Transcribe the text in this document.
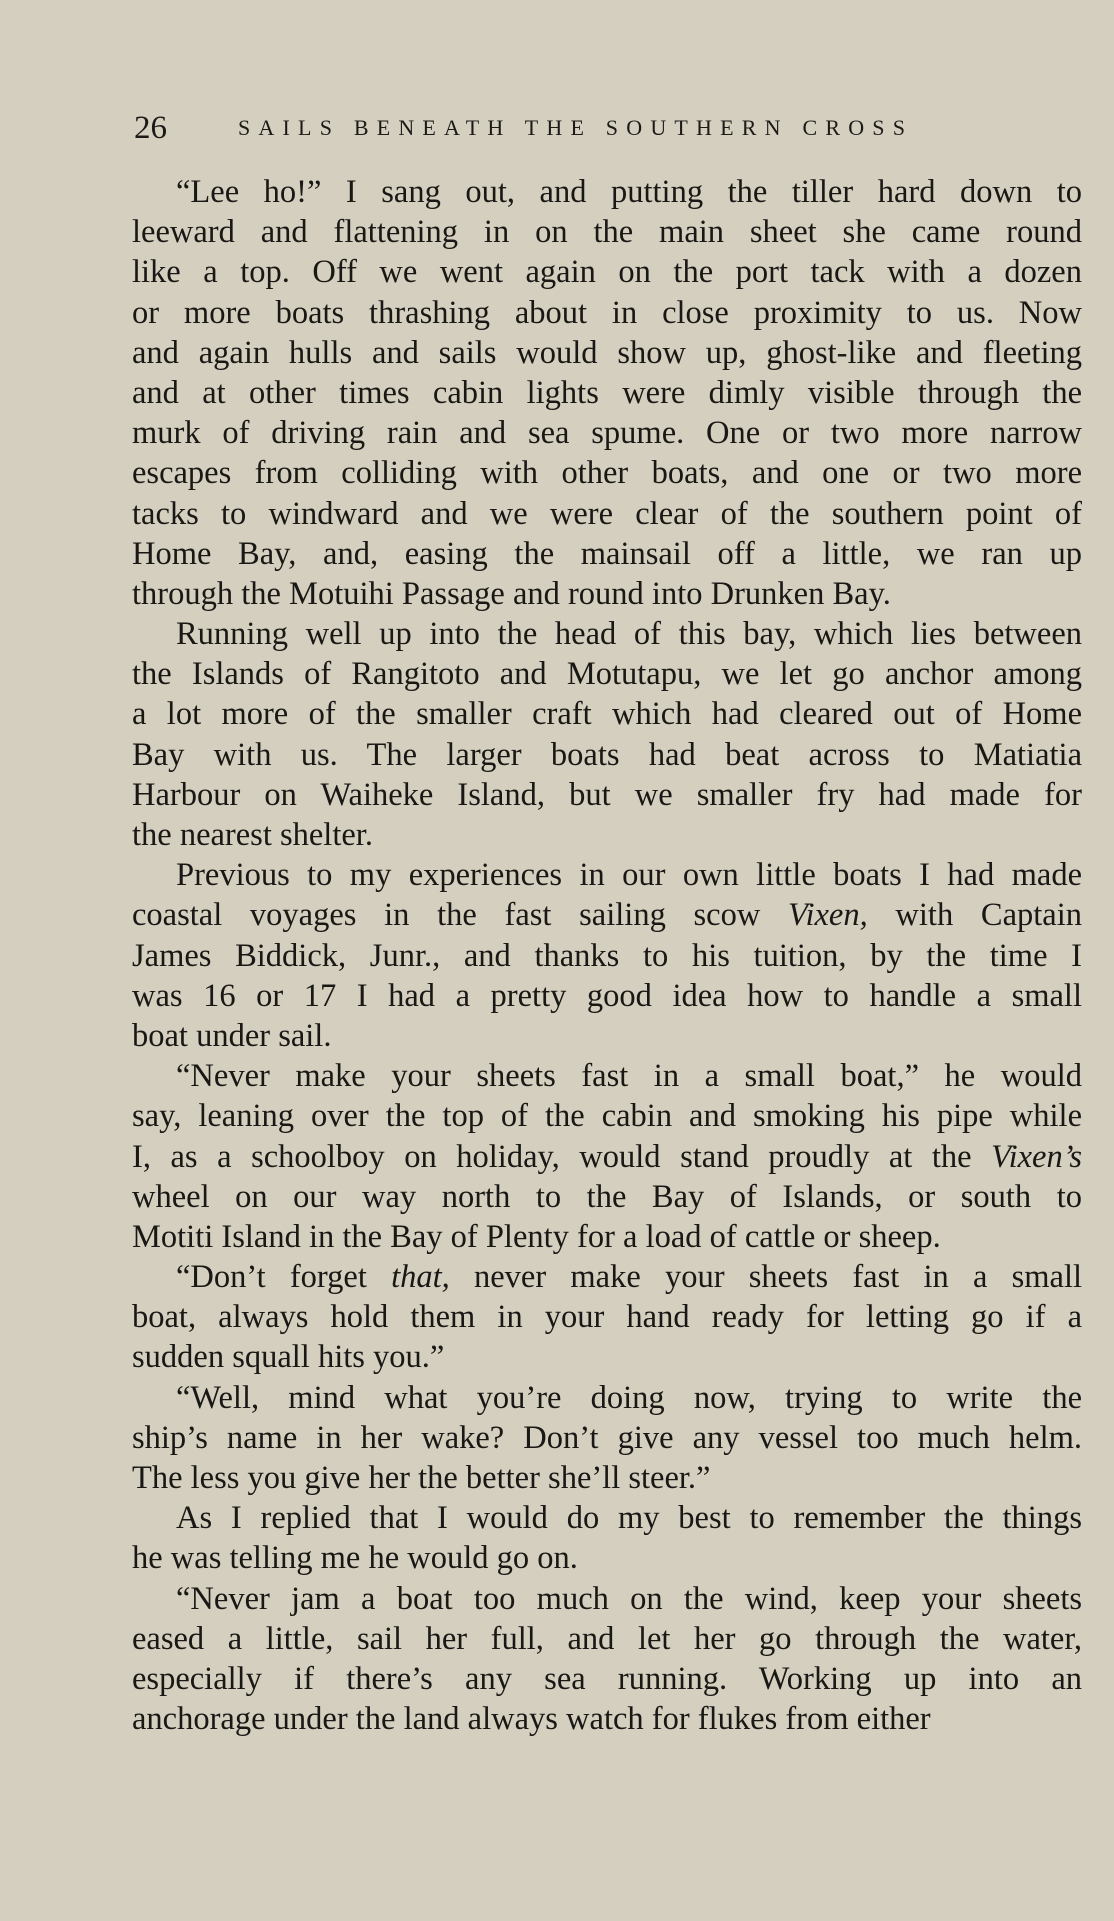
26	SAILS BENEATH THE SOUTHERN CROSS
“Lee ho!” I sang out, and putting the tiller hard down to
leeward and flattening in on the main sheet she came round
like a top. Off we went again on the port tack with a dozen
or more boats thrashing about in close proximity to us. Now
and again hulls and sails would show up, ghost-like and fleeting
and at other times cabin lights were dimly visible through the
murk of driving rain and sea spume. One or two more narrow
escapes from colliding with other boats, and one or two more
tacks to windward and we were clear of the southern point of
Home Bay, and, easing the mainsail off a little, we ran up
through the Motuihi Passage and round into Drunken Bay.
Running well up into the head of this bay, which lies between
the Islands of Rangitoto and Motutapu, we let go anchor among
a lot more of the smaller craft which had cleared out of Home
Bay with us. The larger boats had beat across to Matiatia
Harbour on Waiheke Island, but we smaller fry had made for
the nearest shelter.
Previous to my experiences in our own little boats I had made
coastal voyages in the fast sailing scow Vixen, with Captain
James Biddick, Junr., and thanks to his tuition, by the time I
was 16 or 17 I had a pretty good idea how to handle a small
boat under sail.
“Never make your sheets fast in a small boat,” he would
say, leaning over the top of the cabin and smoking his pipe while
I, as a schoolboy on holiday, would stand proudly at the Vixen’s
wheel on our way north to the Bay of Islands, or south to
Motiti Island in the Bay of Plenty for a load of cattle or sheep.
“Don’t forget that, never make your sheets fast in a small
boat, always hold them in your hand ready for letting go if a
sudden squall hits you.”
“Well, mind what you’re doing now, trying to write the
ship’s name in her wake? Don’t give any vessel too much helm.
The less you give her the better she’ll steer.”
As I replied that I would do my best to remember the things
he was telling me he would go on.
“Never jam a boat too much on the wind, keep your sheets
eased a little, sail her full, and let her go through the water,
especially if there’s any sea running. Working up into an
anchorage under the land always watch for flukes from either
